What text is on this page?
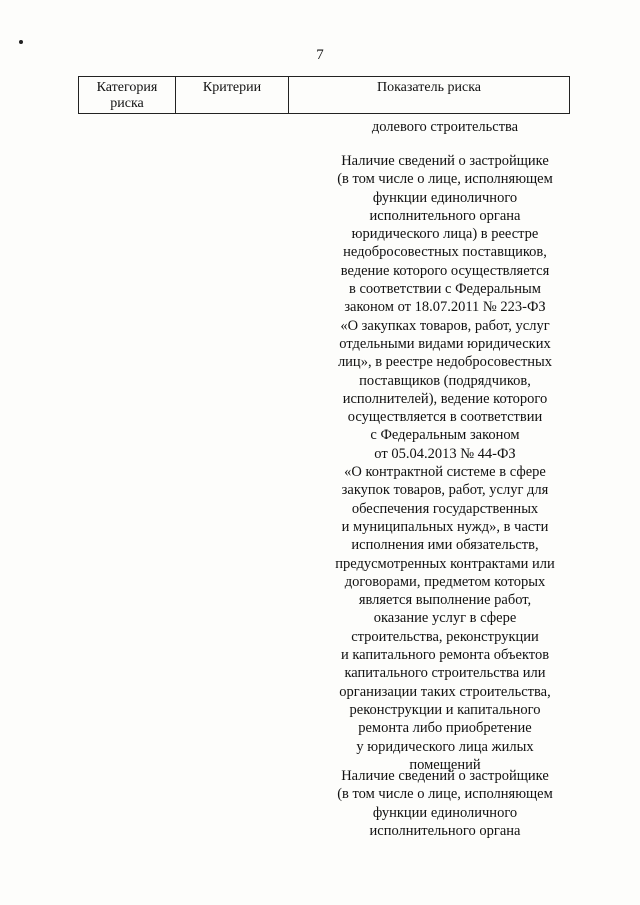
7
Категория
риска
Критерии	Показатель риска
долевого строительства
Наличие сведений о застройщике
(в том числе о лице, исполняющем
функции единоличного
исполнительного органа
юридического лица) в реестре
недобросовестных поставщиков,
ведение которого осуществляется
в соответствии с Федеральным
законом от 18.07.2011 № 223-ФЗ
«О закупках товаров, работ, услуг
отдельными видами юридических
лиц», в реестре недобросовестных
поставщиков (подрядчиков,
исполнителей), ведение которого
осуществляется в соответствии
с Федеральным законом
от 05.04.2013 № 44-ФЗ
«О контрактной системе в сфере
закупок товаров, работ, услуг для
обеспечения государственных
и муниципальных нужд», в части
исполнения ими обязательств,
предусмотренных контрактами или
договорами, предметом которых
является выполнение работ,
оказание услуг в сфере
строительства, реконструкции
и капитального ремонта объектов
капитального строительства или
организации таких строительства,
реконструкции и капитального
ремонта либо приобретение
у юридического лица жилых
помещений
Наличие сведений о застройщике
(в том числе о лице, исполняющем
функции единоличного
исполнительного органа
